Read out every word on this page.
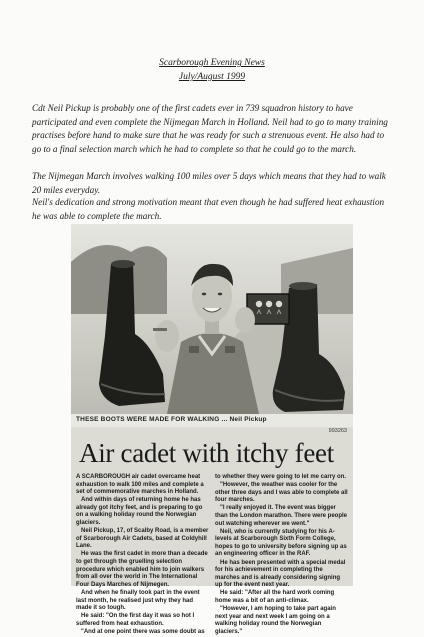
Scarborough Evening News
July/August 1999

Cdt Neil Pickup is probably one of the first cadets ever in 739 squadron history to have participated and even complete the Nijmegan March in Holland. Neil had to go to many training practises before hand to make sure that he was ready for such a strenuous event. He also had to go to a final selection march which he had to complete so that he could go to the march.

The Nijmegan March involves walking 100 miles over 5 days which means that they had to walk 20 miles everyday.

Neil's dedication and strong motivation meant that even though he had suffered heat exhaustion he was able to complete the march.

THESE BOOTS WERE MADE FOR WALKING ... Neil Pickup
993263
Air cadet with itchy feet

A SCARBOROUGH air cadet overcame heat exhaustion to walk 100 miles and complete a set of commemorative marches in Holland.

And within days of returning home he has already got itchy feet, and is preparing to go on a walking holiday round the Norwegian glaciers.

Neil Pickup, 17, of Scalby Road, is a member of Scarborough Air Cadets, based at Coldyhill Lane.

He was the first cadet in more than a decade to get through the gruelling selection procedure which enabled him to join walkers from all over the world in The International Four Days Marches of Nijmegen.

And when he finally took part in the event last month, he realised just why they had made it so tough.

He said: "On the first day it was so hot I suffered from heat exhaustion.

"And at one point there was some doubt as

to whether they were going to let me carry on.

"However, the weather was cooler for the other three days and I was able to complete all four marches.

"I really enjoyed it. The event was bigger than the London marathon. There were people out watching wherever we went."

Neil, who is currently studying for his A-levels at Scarborough Sixth Form College, hopes to go to university before signing up as an engineering officer in the RAF.

He has been presented with a special medal for his achievement in completing the marches and is already considering signing up for the event next year.

He said: "After all the hard work coming home was a bit of an anti-climax.

"However, I am hoping to take part again next year and next week I am going on a walking holiday round the Norwegian glaciers."
